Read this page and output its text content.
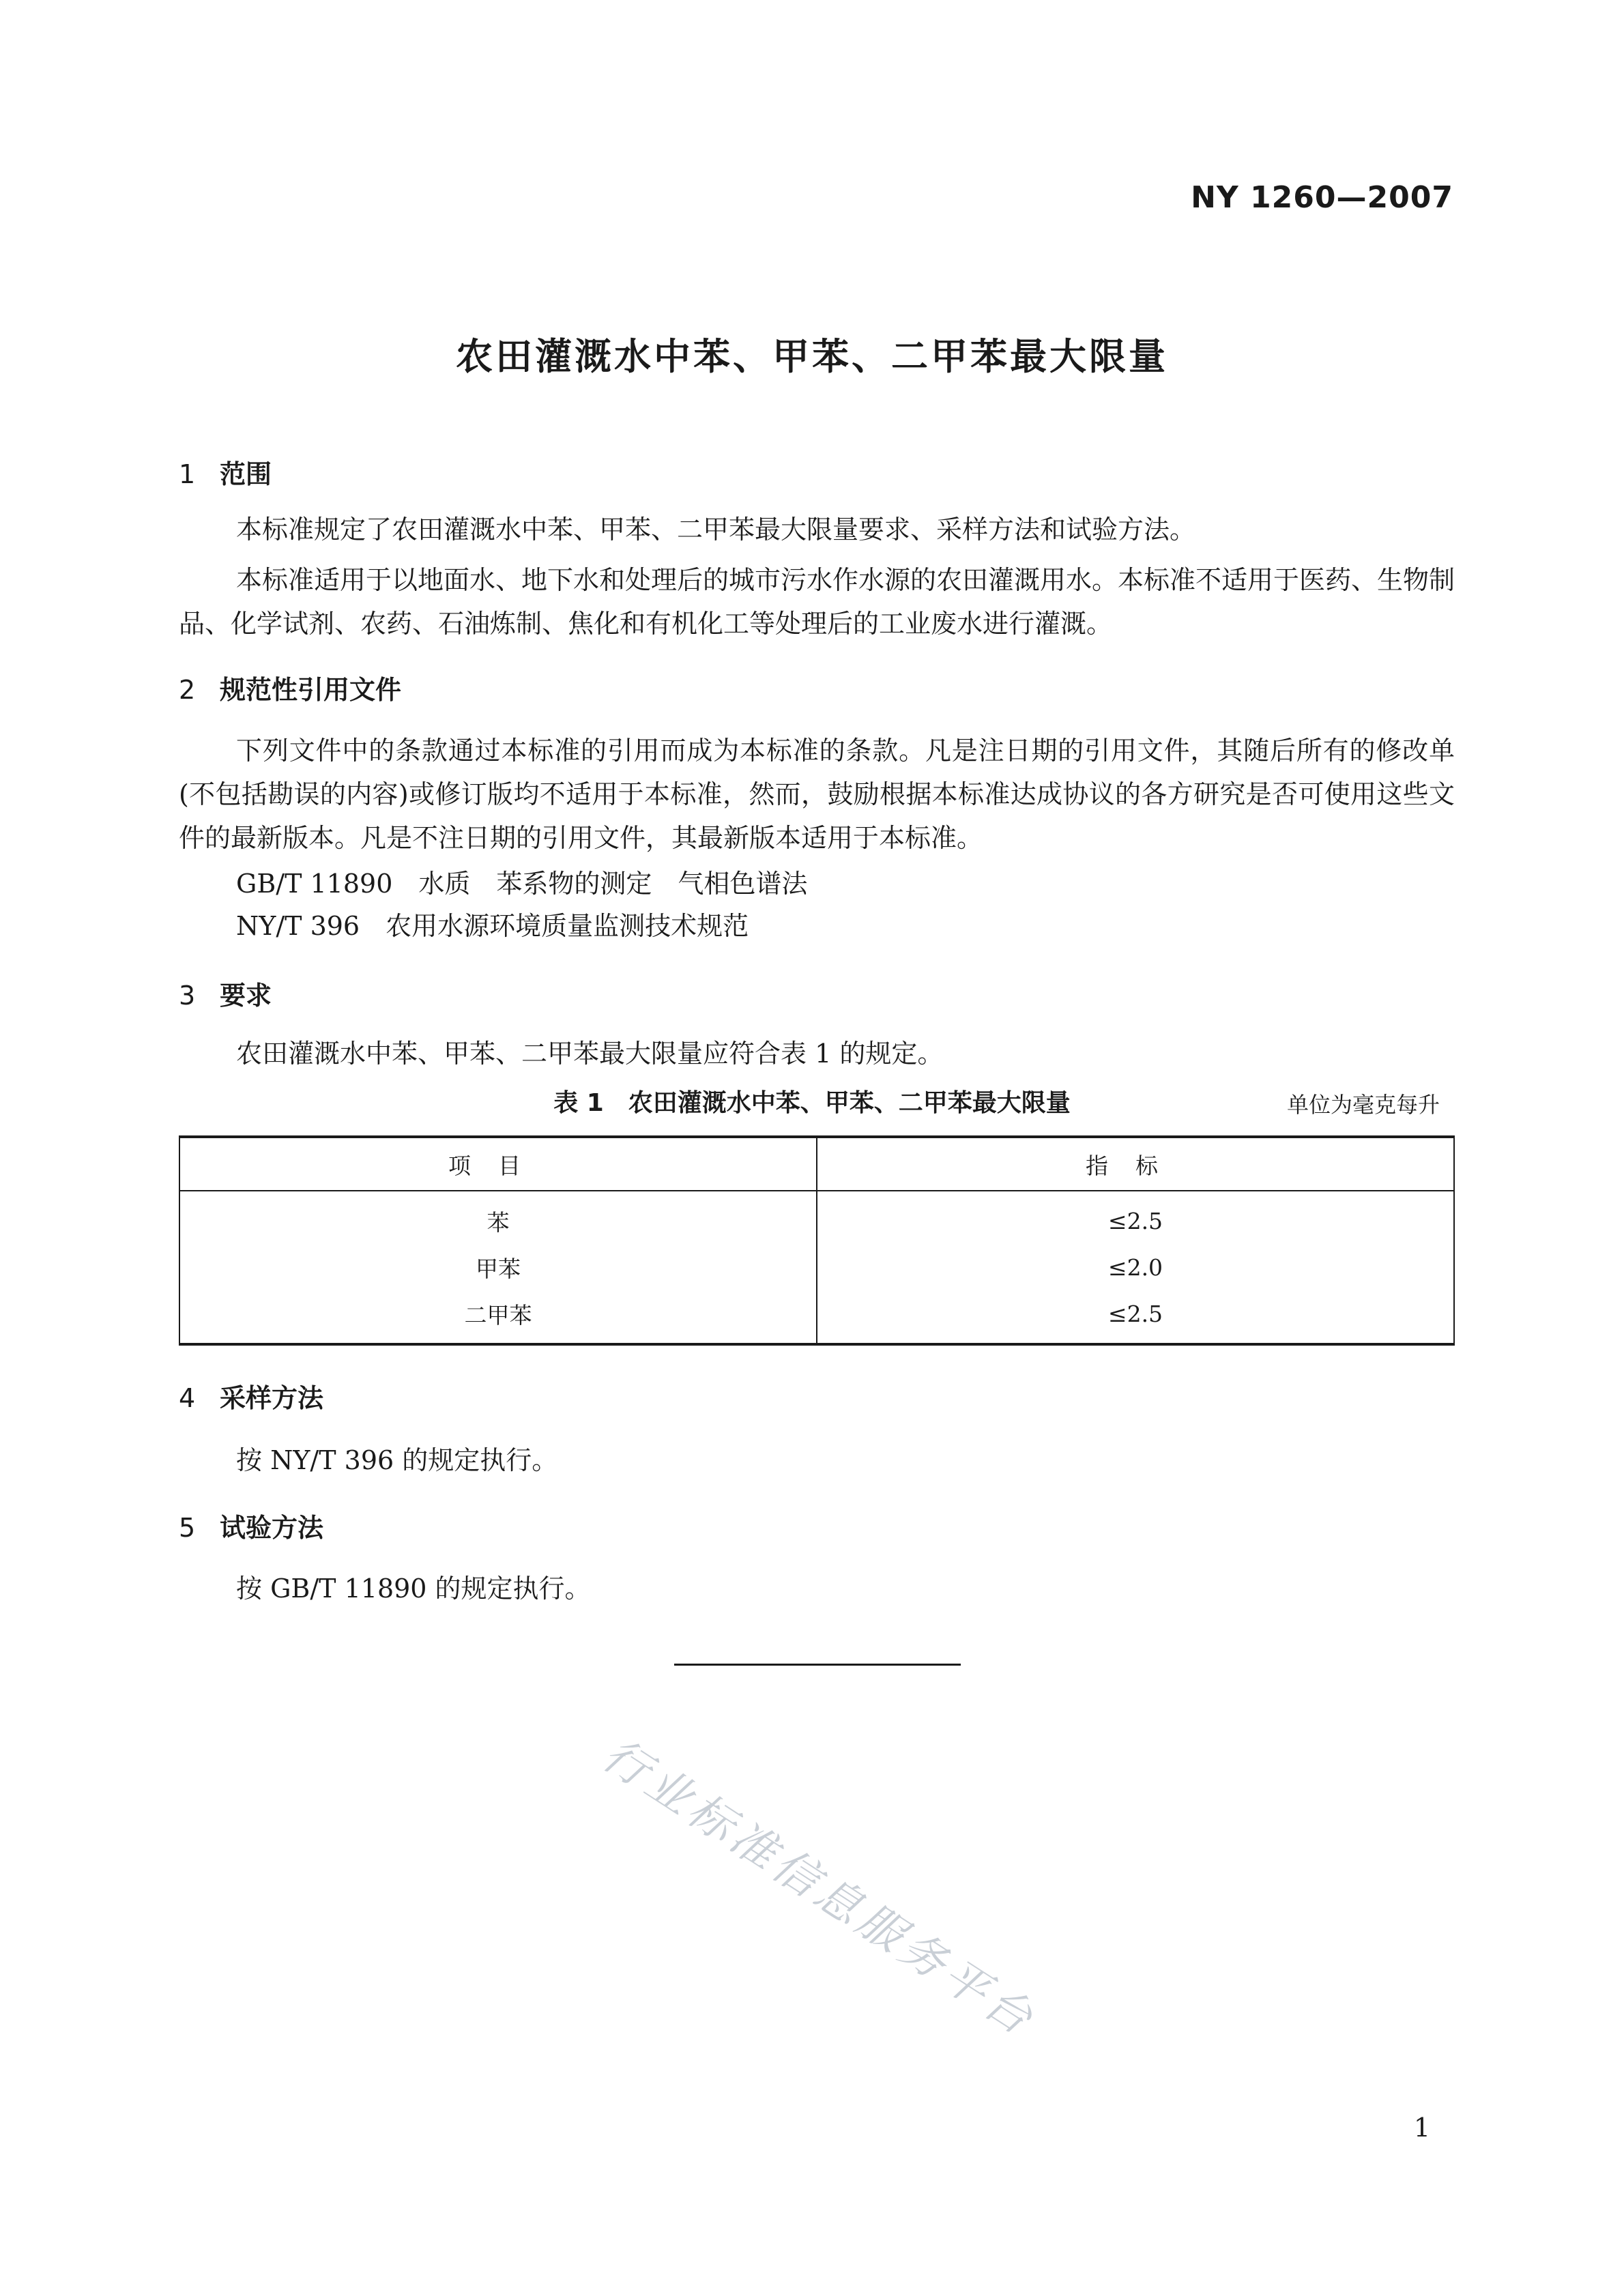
NY 1260—2007
农田灌溉水中苯、甲苯、二甲苯最大限量
1 范围
本标准规定了农田灌溉水中苯、甲苯、二甲苯最大限量要求、采样方法和试验方法。
本标准适用于以地面水、地下水和处理后的城市污水作水源的农田灌溉用水。本标准不适用于医药、生物制品、化学试剂、农药、石油炼制、焦化和有机化工等处理后的工业废水进行灌溉。
2 规范性引用文件
下列文件中的条款通过本标准的引用而成为本标准的条款。凡是注日期的引用文件，其随后所有的修改单(不包括勘误的内容)或修订版均不适用于本标准，然而，鼓励根据本标准达成协议的各方研究是否可使用这些文件的最新版本。凡是不注日期的引用文件，其最新版本适用于本标准。
GB/T 11890　水质　苯系物的测定　气相色谱法
NY/T 396　农用水源环境质量监测技术规范
3 要求
农田灌溉水中苯、甲苯、二甲苯最大限量应符合表 1 的规定。
表 1　农田灌溉水中苯、甲苯、二甲苯最大限量	单位为毫克每升
项目	指标
苯	≤2.5
甲苯	≤2.0
二甲苯	≤2.5
4 采样方法
按 NY/T 396 的规定执行。
5 试验方法
按 GB/T 11890 的规定执行。
行业标准信息服务平台
1
